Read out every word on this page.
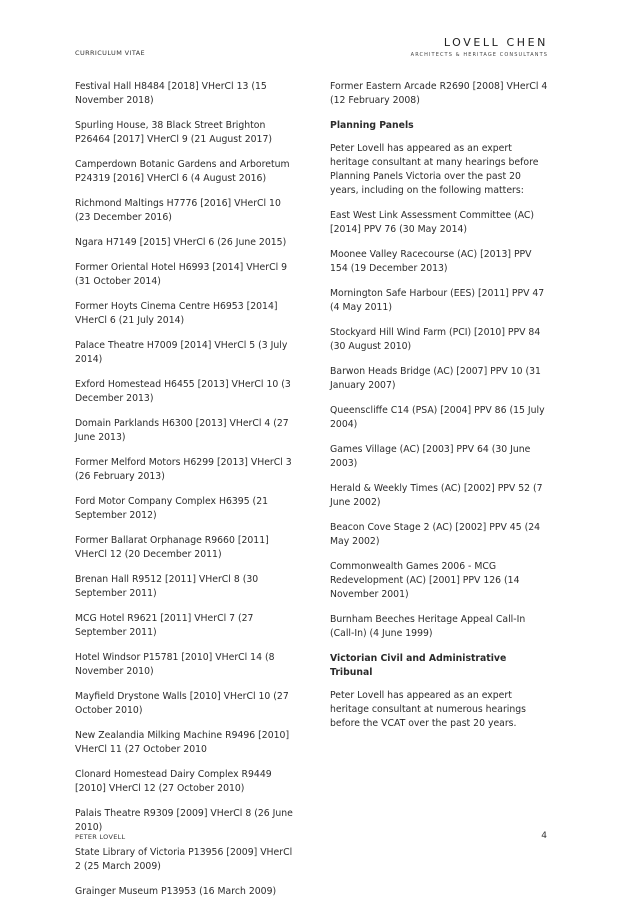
CURRICULUM VITAE
LOVELL CHEN
ARCHITECTS & HERITAGE CONSULTANTS

Festival Hall H8484 [2018] VHerCl 13 (15 November 2018)

Spurling House, 38 Black Street Brighton P26464 [2017] VHerCl 9 (21 August 2017)

Camperdown Botanic Gardens and Arboretum P24319 [2016] VHerCl 6 (4 August 2016)

Richmond Maltings H7776 [2016] VHerCl 10 (23 December 2016)

Ngara H7149 [2015] VHerCl 6 (26 June 2015)

Former Oriental Hotel H6993 [2014] VHerCl 9 (31 October 2014)

Former Hoyts Cinema Centre H6953 [2014] VHerCl 6 (21 July 2014)

Palace Theatre H7009 [2014] VHerCl 5 (3 July 2014)

Exford Homestead H6455 [2013] VHerCl 10 (3 December 2013)

Domain Parklands H6300 [2013] VHerCl 4 (27 June 2013)

Former Melford Motors H6299 [2013] VHerCl 3 (26 February 2013)

Ford Motor Company Complex H6395 (21 September 2012)

Former Ballarat Orphanage R9660 [2011] VHerCl 12 (20 December 2011)

Brenan Hall R9512 [2011] VHerCl 8 (30 September 2011)

MCG Hotel R9621 [2011] VHerCl 7 (27 September 2011)

Hotel Windsor P15781 [2010] VHerCl 14 (8 November 2010)

Mayfield Drystone Walls [2010] VHerCl 10 (27 October 2010)

New Zealandia Milking Machine R9496 [2010] VHerCl 11 (27 October 2010

Clonard Homestead Dairy Complex R9449 [2010] VHerCl 12 (27 October 2010)

Palais Theatre R9309 [2009] VHerCl 8 (26 June 2010)

State Library of Victoria P13956 [2009] VHerCl 2 (25 March 2009)

Grainger Museum P13953 (16 March 2009)

Former Eastern Arcade R2690 [2008] VHerCl 4 (12 February 2008)

Planning Panels

Peter Lovell has appeared as an expert heritage consultant at many hearings before Planning Panels Victoria over the past 20 years, including on the following matters:

East West Link Assessment Committee (AC) [2014] PPV 76 (30 May 2014)

Moonee Valley Racecourse (AC) [2013] PPV 154 (19 December 2013)

Mornington Safe Harbour (EES) [2011] PPV 47 (4 May 2011)

Stockyard Hill Wind Farm (PCI) [2010] PPV 84 (30 August 2010)

Barwon Heads Bridge (AC) [2007] PPV 10 (31 January 2007)

Queenscliffe C14 (PSA) [2004] PPV 86 (15 July 2004)

Games Village (AC) [2003] PPV 64 (30 June 2003)

Herald & Weekly Times (AC) [2002] PPV 52 (7 June 2002)

Beacon Cove Stage 2 (AC) [2002] PPV 45 (24 May 2002)

Commonwealth Games 2006 - MCG Redevelopment (AC) [2001] PPV 126 (14 November 2001)

Burnham Beeches Heritage Appeal Call-In (Call-In) (4 June 1999)

Victorian Civil and Administrative Tribunal

Peter Lovell has appeared as an expert heritage consultant at numerous hearings before the VCAT over the past 20 years.

PETER LOVELL	4
